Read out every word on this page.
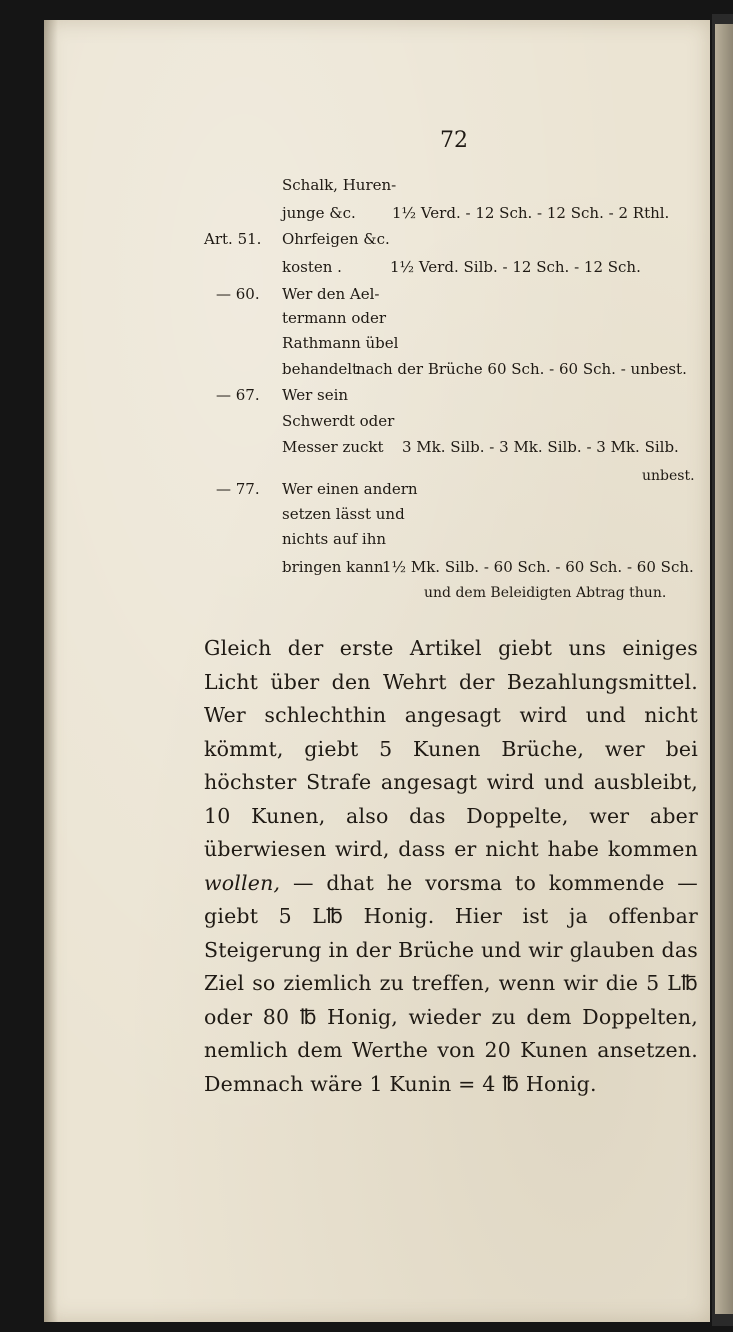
72
Schalk, Huren-
junge &c. 1½ Verd. - 12 Sch. - 12 Sch. - 2 Rthl.
Art. 51. Ohrfeigen &c.
kosten .	1½ Verd. Silb. - 12 Sch. - 12 Sch.
— 60. Wer den Ael-
termann oder
Rathmann übel
behandelt
nach der Brüche 60 Sch. - 60 Sch. - unbest.
— 67. Wer sein
Schwerdt oder
Messer zuckt 3 Mk. Silb. - 3 Mk. Silb. - 3 Mk. Silb.
unbest.
— 77. Wer einen andern
setzen lässt und
nichts auf ihn
bringen kann
1½ Mk. Silb. - 60 Sch. - 60 Sch. - 60 Sch.
und dem Beleidigten Abtrag thun.
Gleich der erste Artikel giebt uns einiges Licht über den Wehrt der Bezahlungsmittel. Wer schlechthin angesagt wird und nicht kömmt, giebt 5 Kunen Brüche, wer bei höchster Strafe angesagt wird und ausbleibt, 10 Kunen, also das Doppelte, wer aber überwiesen wird, dass er nicht habe kommen wollen, — dhat he vorsma to kommende — giebt 5 L℔ Honig. Hier ist ja offenbar Steigerung in der Brüche und wir glauben das Ziel so ziemlich zu treffen, wenn wir die 5 L℔ oder 80 ℔ Honig, wieder zu dem Doppelten, nemlich dem Werthe von 20 Kunen ansetzen. Demnach wäre 1 Kunin = 4 ℔ Honig.
